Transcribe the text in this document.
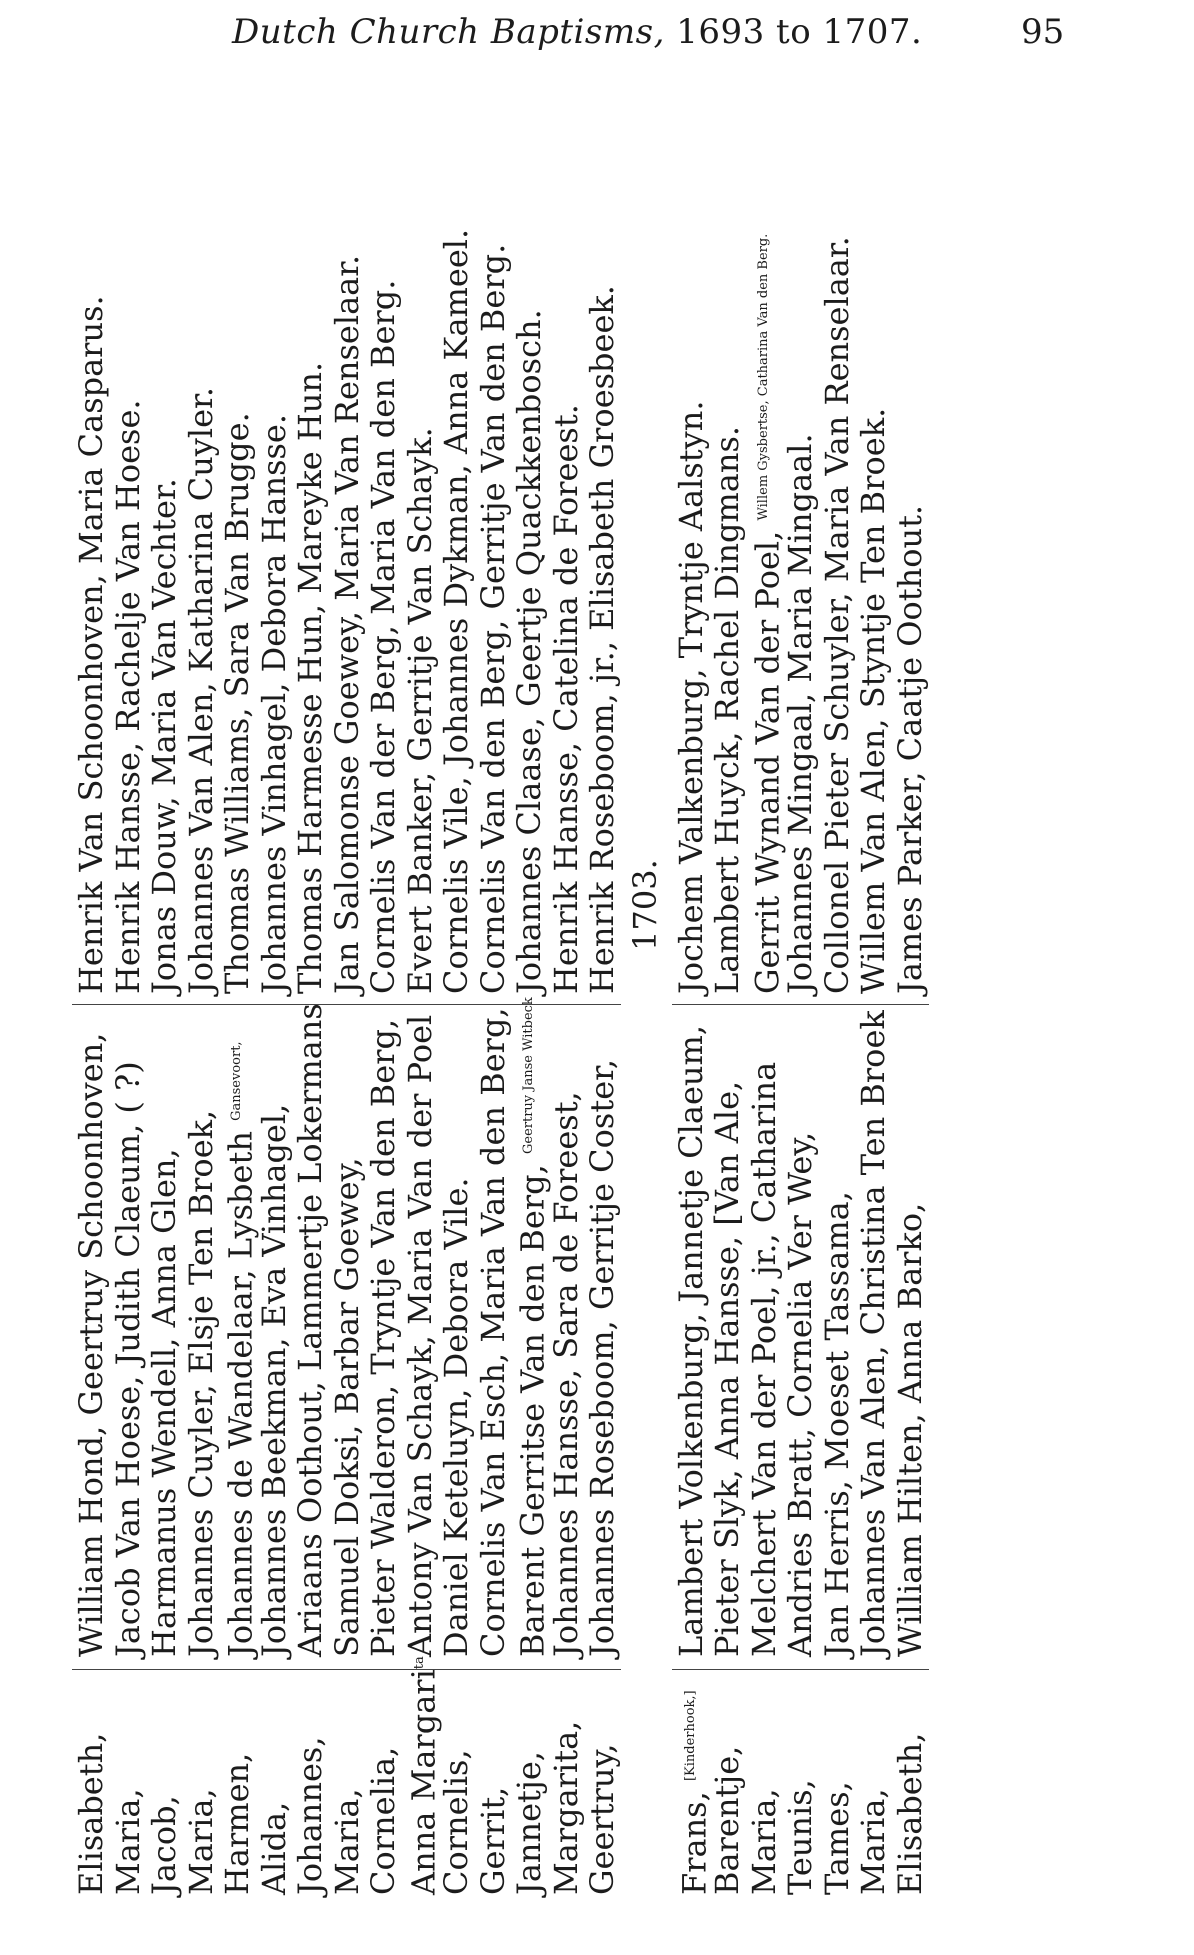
Dutch Church Baptisms, 1693 to 1707.	95
Elisabeth,
William Hond, Geertruy Schoonhoven,
Henrik Van Schoonhoven, Maria Casparus.
Maria,
Jacob Van Hoese, Judith Claeum, ( ?)
Henrik Hansse, Rachelje Van Hoese.
Jacob,
Harmanus Wendell, Anna Glen,
Jonas Douw, Maria Van Vechter.
Maria,
Johannes Cuyler, Elsje Ten Broek,
Johannes Van Alen, Katharina Cuyler.
Harmen,
Johannes de Wandelaar, Lysbeth $^{Gansevoort,}$
Thomas Williams, Sara Van Brugge.
Alida,
Johannes Beekman, Eva Vinhagel,
Johannes Vinhagel, Debora Hansse.
Johannes,
Ariaans Oothout, Lammertje Lokermans
Thomas Harmesse Hun, Mareyke Hun.
Maria,
Samuel Doksi, Barbar Goewey,
Jan Salomonse Goewey, Maria Van Renselaar.
Cornelia,
Pieter Walderon, Tryntje Van den Berg,
Cornelis Van der Berg, Maria Van den Berg.
Anna Margari$^{ta}$
Antony Van Schayk, Maria Van der Poel
Evert Banker, Gerritje Van Schayk.
Cornelis,
Daniel Keteluyn, Debora Vile.
Cornelis Vile, Johannes Dykman, Anna Kameel.
Gerrit,
Cornelis Van Esch, Maria Van den Berg,
Cornelis Van den Berg, Gerritje Van den Berg.
Jannetje,
Barent Gerritse Van den Berg, $^{Geertruy Janse Witbeck}$
Johannes Claase, Geertje Quackkenbosch.
Margarita,
Johannes Hansse, Sara de Foreest,
Henrik Hansse, Catelina de Foreest.
Geertruy,
Johannes Roseboom, Gerritje Coster,
Henrik Roseboom, jr., Elisabeth Groesbeek. 1703.
Frans, [Kinderhook,]
Lambert Volkenburg, Jannetje Claeum,
Jochem Valkenburg, Tryntje Aalstyn.
Barentje,
Pieter Slyk, Anna Hansse, [Van Ale,
Lambert Huyck, Rachel Dingmans.
Maria,
Melchert Van der Poel, jr., Catharina
Gerrit Wynand Van der Poel, $^{Willem Gysbertse, Catharina Van den Berg.}$
Teunis,
Andries Bratt, Cornelia Ver Wey,
Johannes Mingaal, Maria Mingaal.
Tames,
Jan Herris, Moeset Tassama,
Collonel Pieter Schuyler, Maria Van Renselaar.
Maria,
Johannes Van Alen, Christina Ten Broek
Willem Van Alen, Styntje Ten Broek.
Elisabeth,
William Hilten, Anna Barko,
James Parker, Caatje Oothout.
